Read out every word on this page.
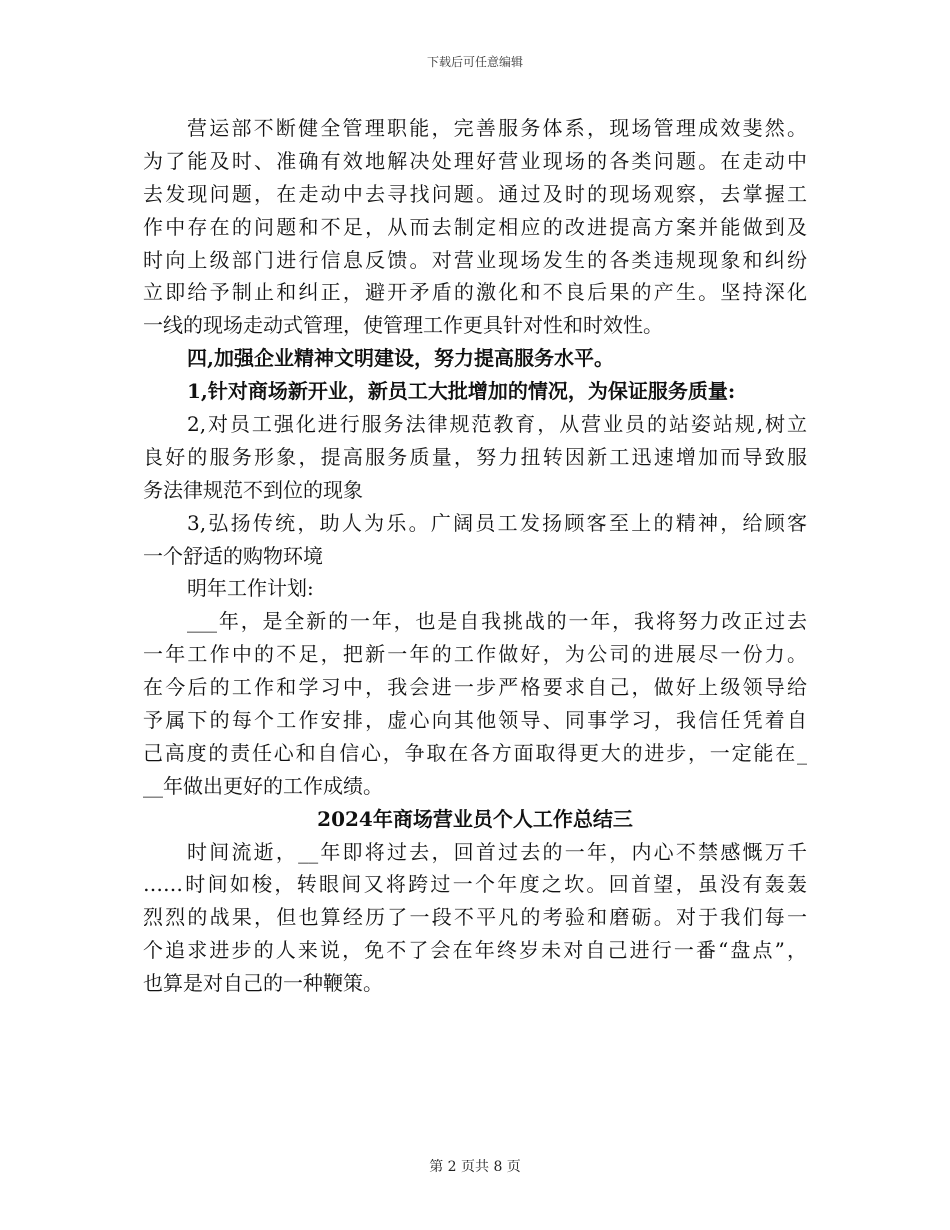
下载后可任意编辑
营运部不断健全管理职能，完善服务体系，现场管理成效斐然。
为了能及时、准确有效地解决处理好营业现场的各类问题。在走动中
去发现问题，在走动中去寻找问题。通过及时的现场观察，去掌握工
作中存在的问题和不足，从而去制定相应的改进提高方案并能做到及
时向上级部门进行信息反馈。对营业现场发生的各类违规现象和纠纷
立即给予制止和纠正，避开矛盾的激化和不良后果的产生。坚持深化
一线的现场走动式管理，使管理工作更具针对性和时效性。
四,加强企业精神文明建设，努力提高服务水平。
1,针对商场新开业，新员工大批增加的情况，为保证服务质量:
2,对员工强化进行服务法律规范教育，从营业员的站姿站规,树立
良好的服务形象，提高服务质量，努力扭转因新工迅速增加而导致服
务法律规范不到位的现象
3,弘扬传统，助人为乐。广阔员工发扬顾客至上的精神，给顾客
一个舒适的购物环境
明年工作计划:
___年，是全新的一年，也是自我挑战的一年，我将努力改正过去
一年工作中的不足，把新一年的工作做好，为公司的进展尽一份力。
在今后的工作和学习中，我会进一步严格要求自己，做好上级领导给
予属下的每个工作安排，虚心向其他领导、同事学习，我信任凭着自
己高度的责任心和自信心，争取在各方面取得更大的进步，一定能在_
__年做出更好的工作成绩。
2024年商场营业员个人工作总结三
时间流逝，__年即将过去，回首过去的一年，内心不禁感慨万千
……时间如梭，转眼间又将跨过一个年度之坎。回首望，虽没有轰轰
烈烈的战果，但也算经历了一段不平凡的考验和磨砺。对于我们每一
个追求进步的人来说，免不了会在年终岁未对自己进行一番“盘点”，
也算是对自己的一种鞭策。
第 2 页共 8 页
